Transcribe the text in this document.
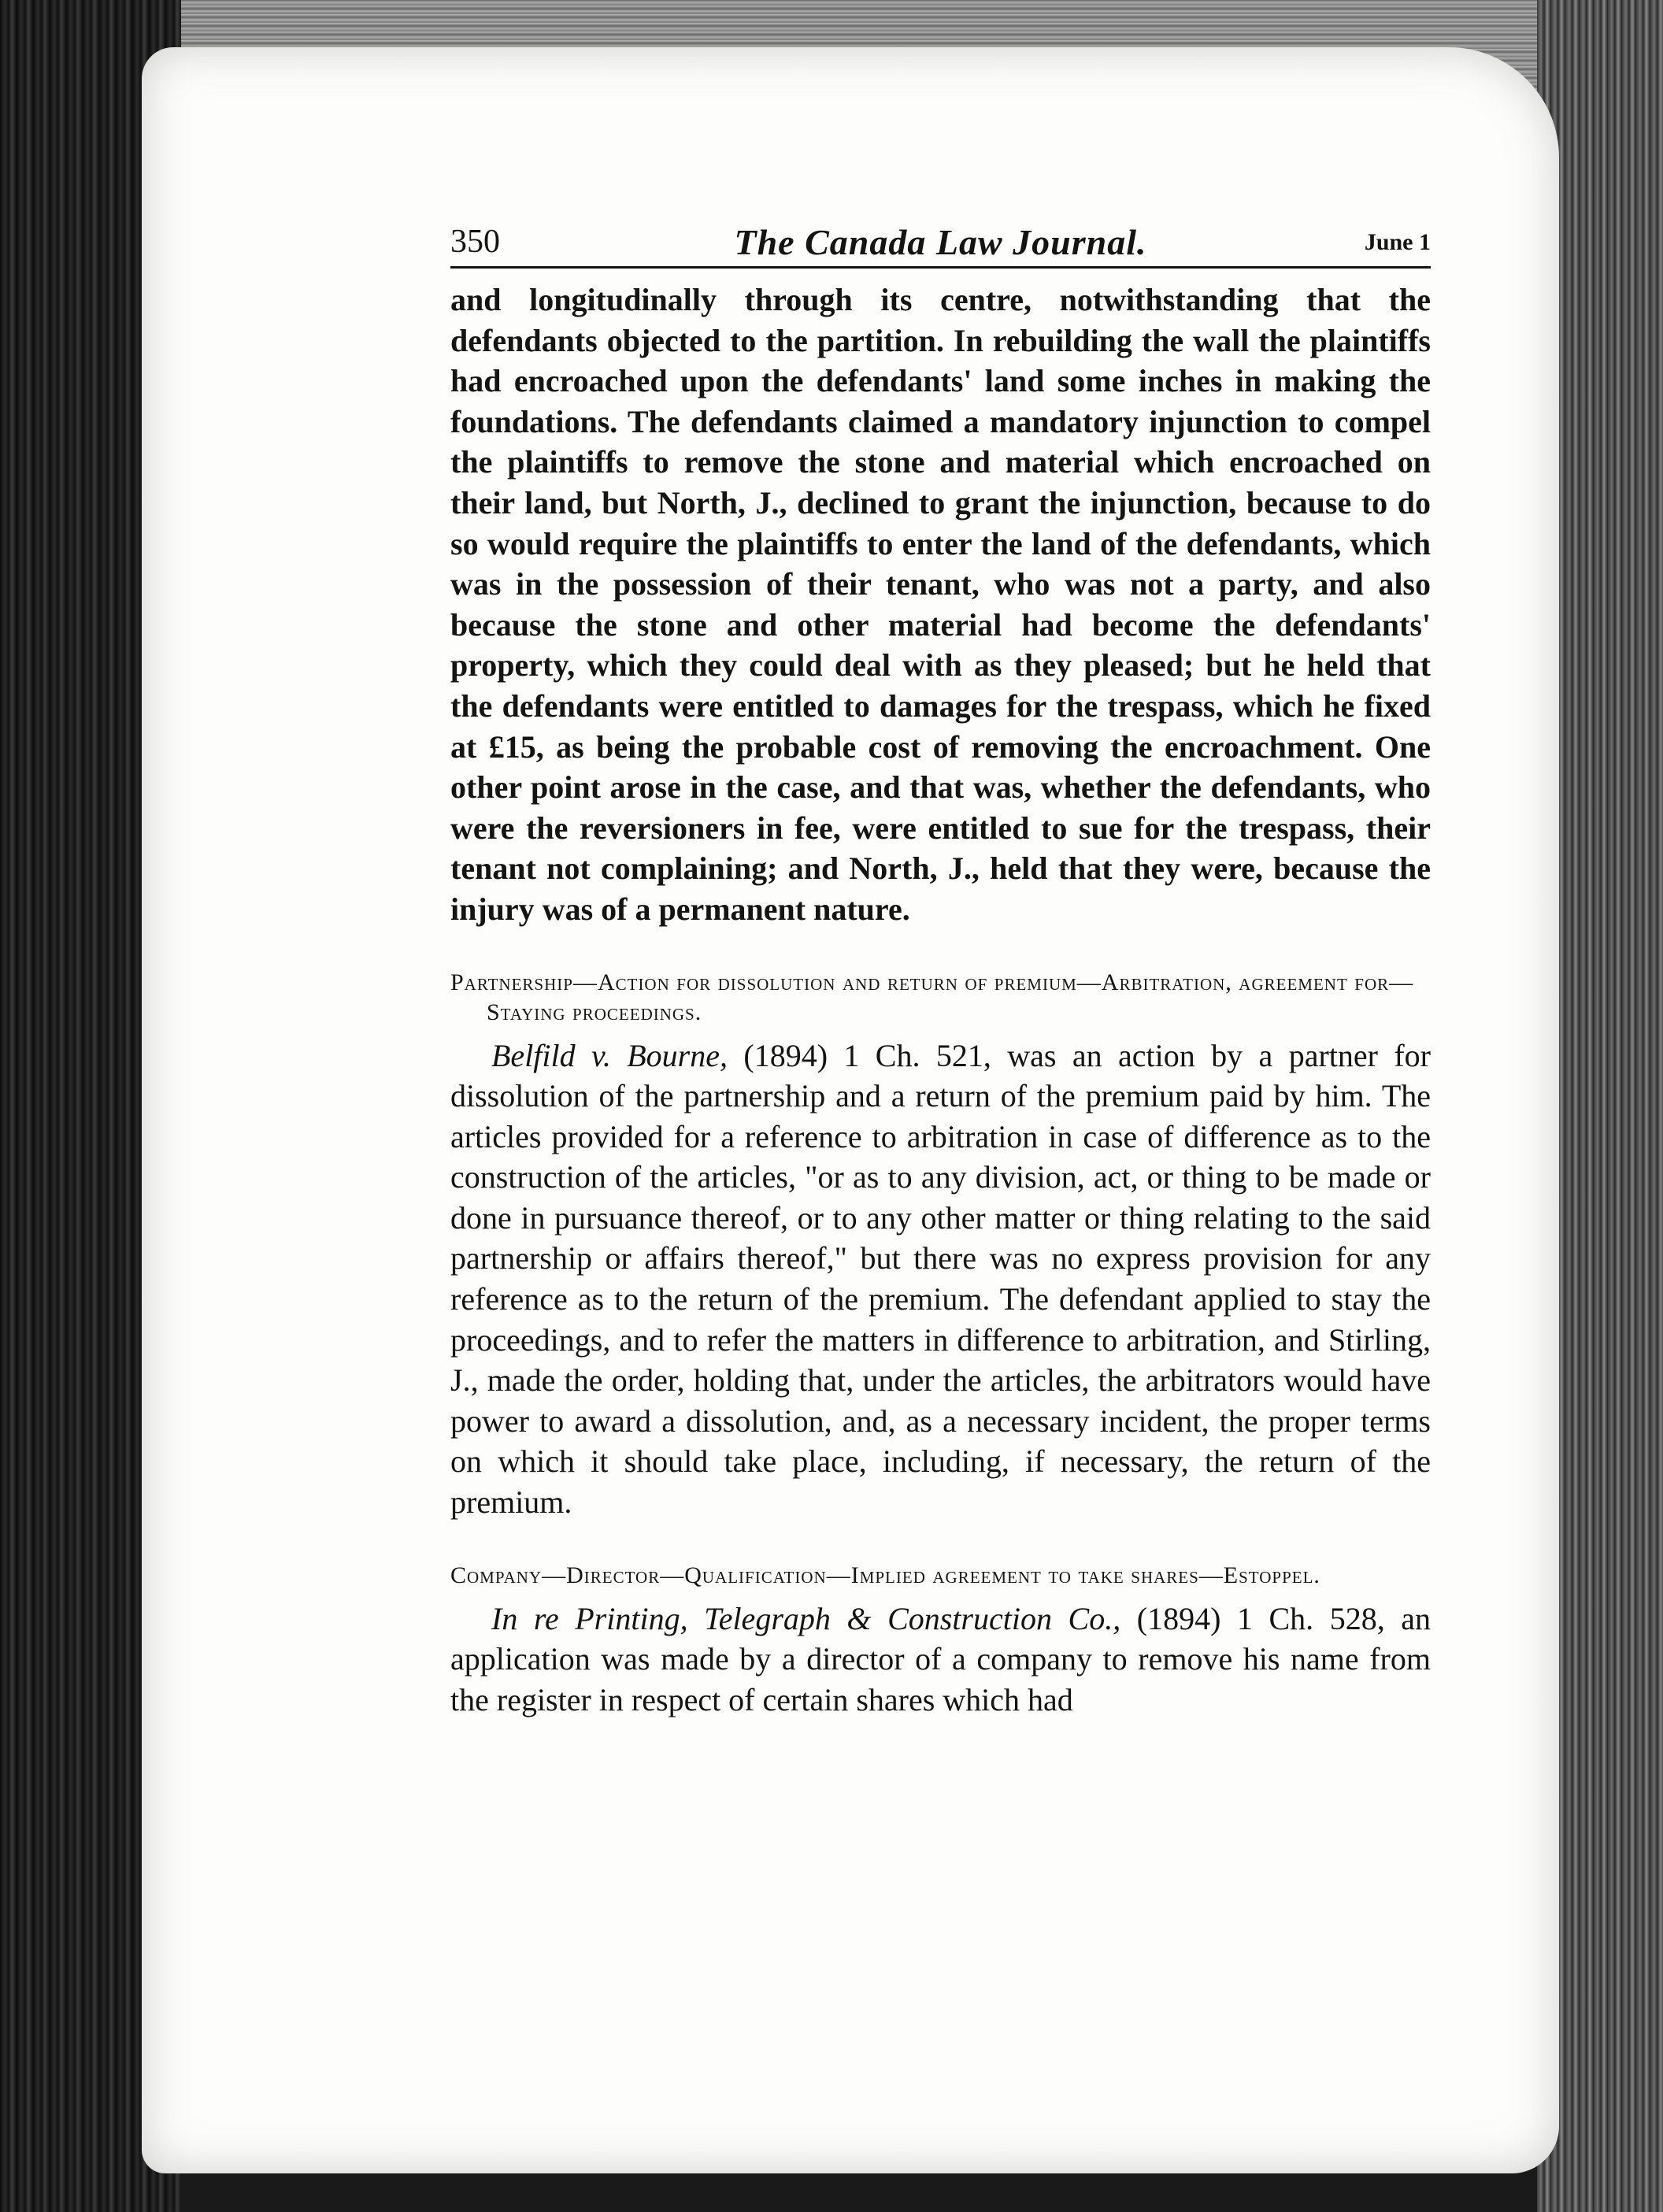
350	The Canada Law Journal.	June 1

and longitudinally through its centre, notwithstanding that the defendants objected to the partition. In rebuilding the wall the plaintiffs had encroached upon the defendants' land some inches in making the foundations. The defendants claimed a mandatory injunction to compel the plaintiffs to remove the stone and material which encroached on their land, but North, J., declined to grant the injunction, because to do so would require the plaintiffs to enter the land of the defendants, which was in the possession of their tenant, who was not a party, and also because the stone and other material had become the defendants' property, which they could deal with as they pleased; but he held that the defendants were entitled to damages for the trespass, which he fixed at £15, as being the probable cost of removing the encroachment. One other point arose in the case, and that was, whether the defendants, who were the reversioners in fee, were entitled to sue for the trespass, their tenant not complaining; and North, J., held that they were, because the injury was of a permanent nature.

Partnership—Action for dissolution and return of premium—Arbitration, agreement for—Staying proceedings.

Belfild v. Bourne, (1894) 1 Ch. 521, was an action by a partner for dissolution of the partnership and a return of the premium paid by him. The articles provided for a reference to arbitration in case of difference as to the construction of the articles, "or as to any division, act, or thing to be made or done in pursuance thereof, or to any other matter or thing relating to the said partnership or affairs thereof," but there was no express provision for any reference as to the return of the premium. The defendant applied to stay the proceedings, and to refer the matters in difference to arbitration, and Stirling, J., made the order, holding that, under the articles, the arbitrators would have power to award a dissolution, and, as a necessary incident, the proper terms on which it should take place, including, if necessary, the return of the premium.

Company—Director—Qualification—Implied agreement to take shares—Estoppel.

In re Printing, Telegraph & Construction Co., (1894) 1 Ch. 528, an application was made by a director of a company to remove his name from the register in respect of certain shares which had
